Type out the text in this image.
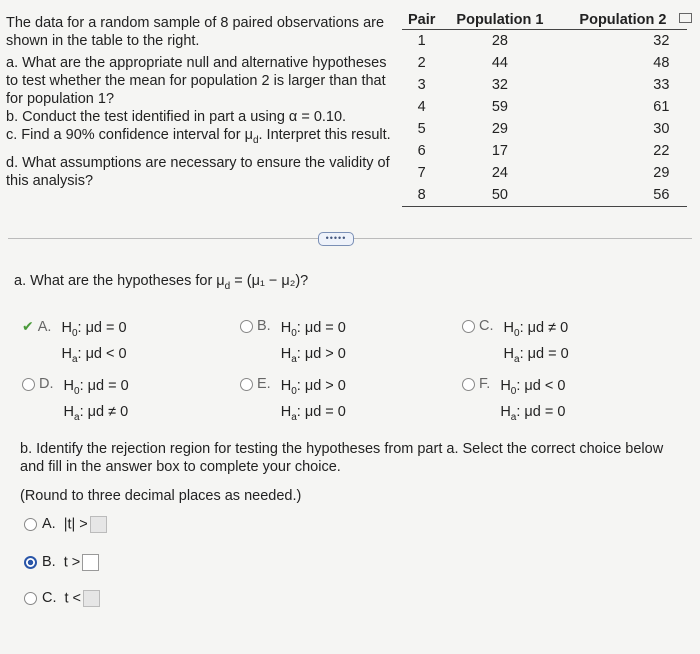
The data for a random sample of 8 paired observations are shown in the table to the right.

a. What are the appropriate null and alternative hypotheses to test whether the mean for population 2 is larger than that for population 1?

b. Conduct the test identified in part a using α = 0.10.

c. Find a 90% confidence interval for $\mu_d$. Interpret this result.

d. What assumptions are necessary to ensure the validity of this analysis?

Pair	Population 1	Population 2
1	28	32
2	44	48
3	32	33
4	59	61
5	29	30
6	17	22
7	24	29
8	50	56
•••••
a. What are the hypotheses for $\mu_d = (\mu_1 - \mu_2)$?
✔ A. $H_0$: μd = 0
$H_a$: μd < 0
B. $H_0$: μd = 0
$H_a$: μd > 0
C. $H_0$: μd ≠ 0
$H_a$: μd = 0
D. $H_0$: μd = 0
$H_a$: μd ≠ 0
E. $H_0$: μd > 0
$H_a$: μd = 0
F. $H_0$: μd < 0
$H_a$: μd = 0
b. Identify the rejection region for testing the hypotheses from part a. Select the correct choice below and fill in the answer box to complete your choice.
(Round to three decimal places as needed.)
A. |t| >
B. t >
C. t <
